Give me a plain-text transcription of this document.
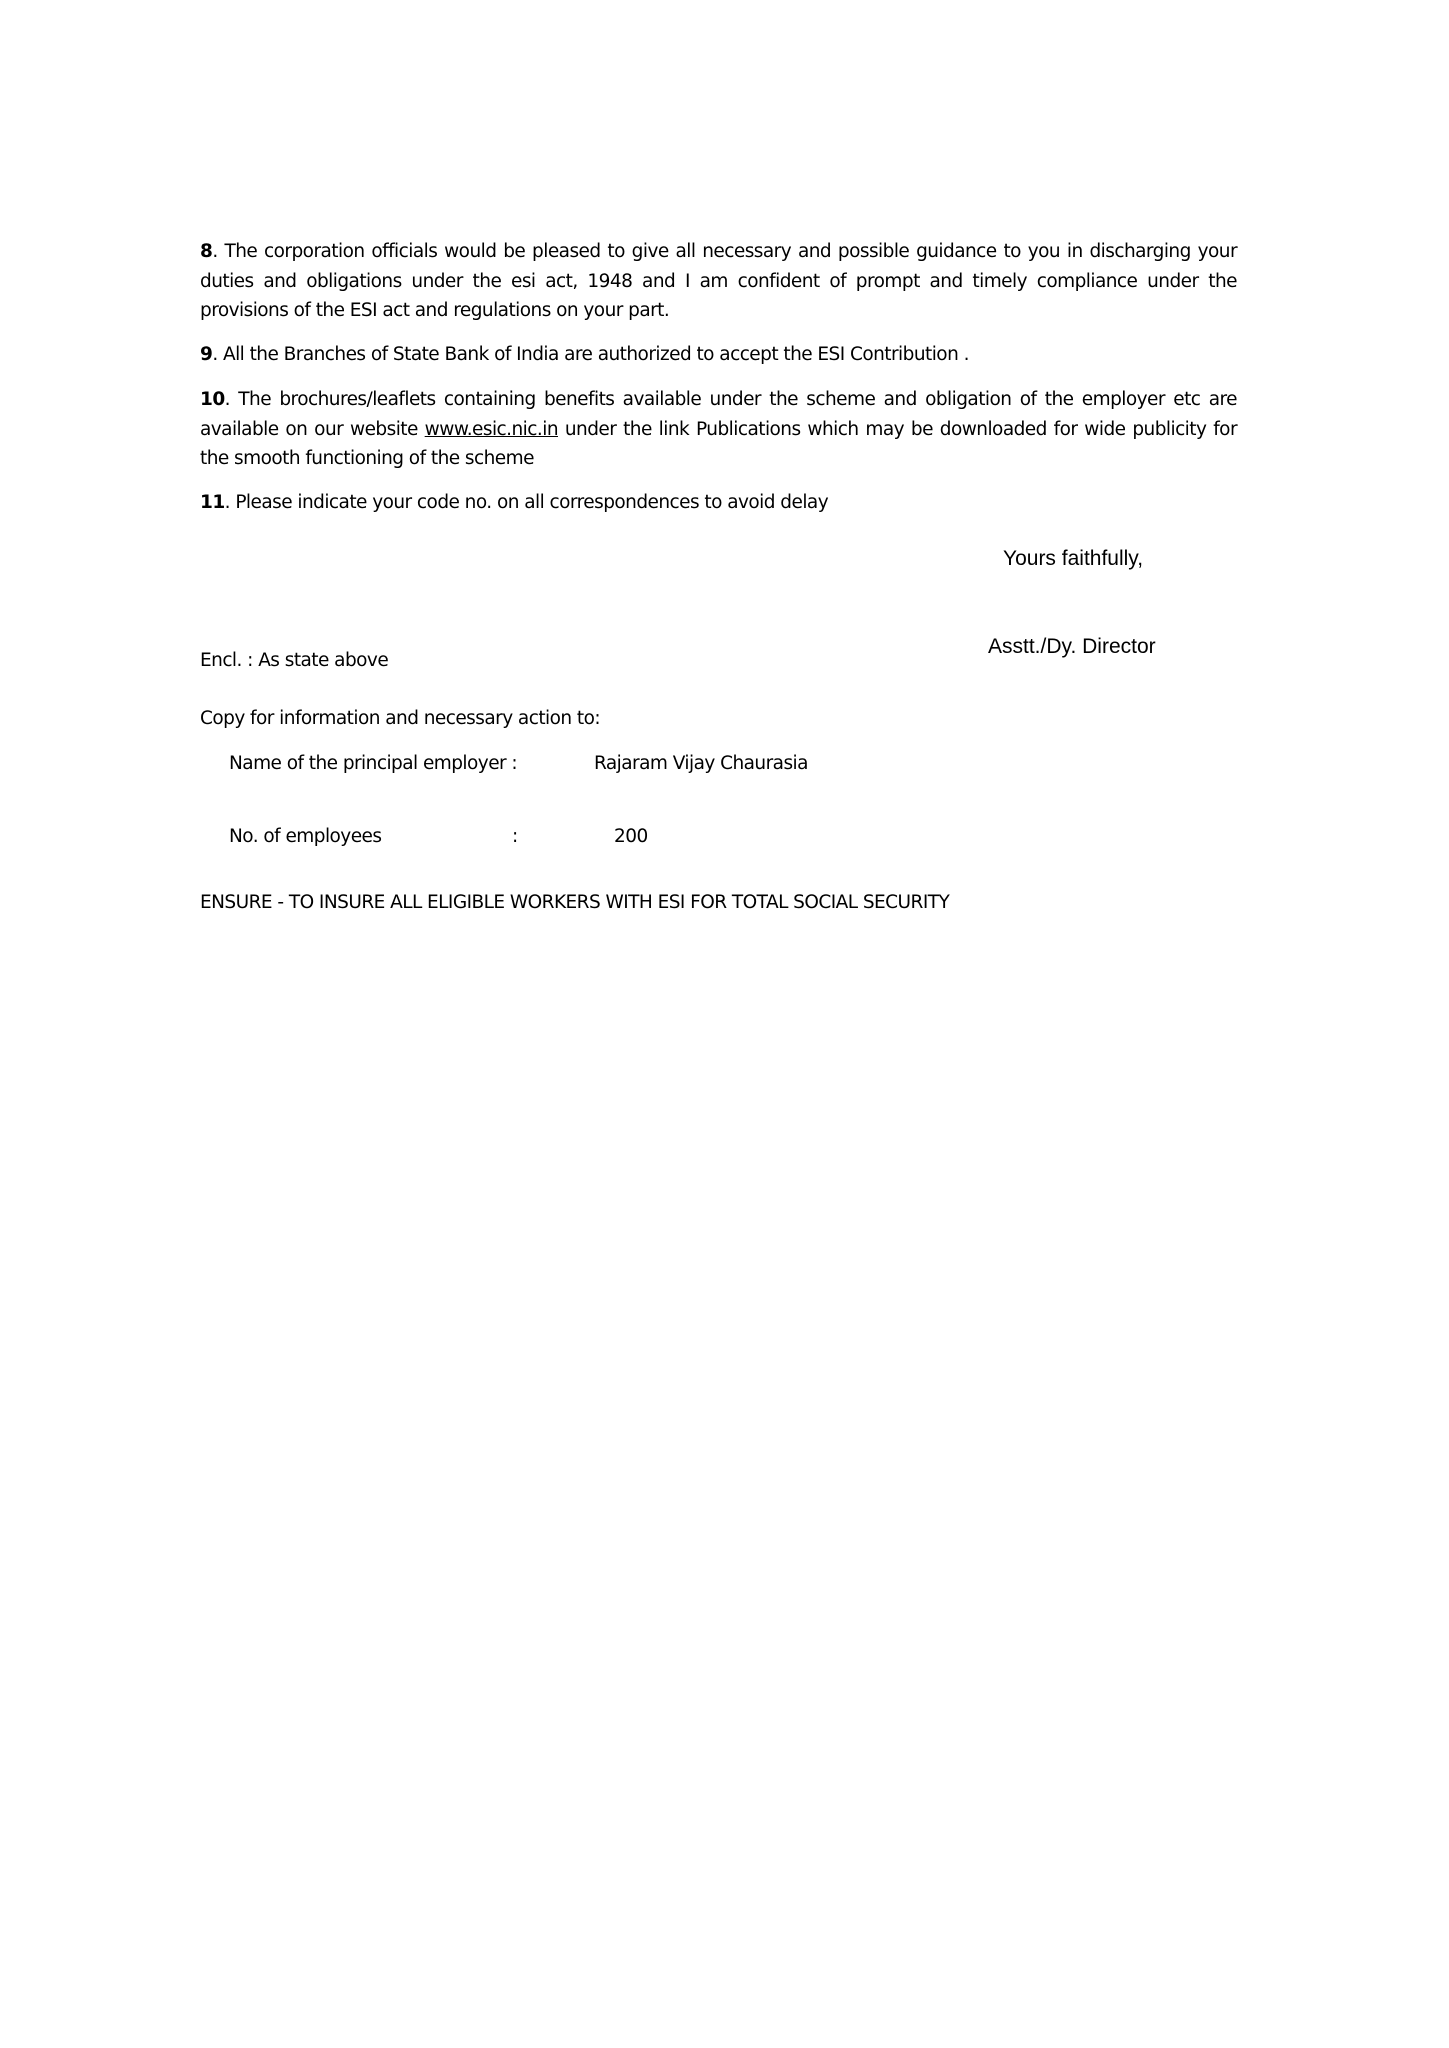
8. The corporation officials would be pleased to give all necessary and possible guidance to you in discharging your duties and obligations under the esi act, 1948 and I am confident of prompt and timely compliance under the provisions of the ESI act and regulations on your part.

9. All the Branches of State Bank of India are authorized to accept the ESI Contribution .

10. The brochures/leaflets containing benefits available under the scheme and obligation of the employer etc are available on our website www.esic.nic.in under the link Publications which may be downloaded for wide publicity for the smooth functioning of the scheme

11. Please indicate your code no. on all correspondences to avoid delay

Yours faithfully,

Asstt./Dy. Director

Encl. : As state above

Copy for information and necessary action to:

Name of the principal employer :	Rajaram Vijay Chaurasia
No. of employees	:	200

ENSURE - TO INSURE ALL ELIGIBLE WORKERS WITH ESI FOR TOTAL SOCIAL SECURITY
